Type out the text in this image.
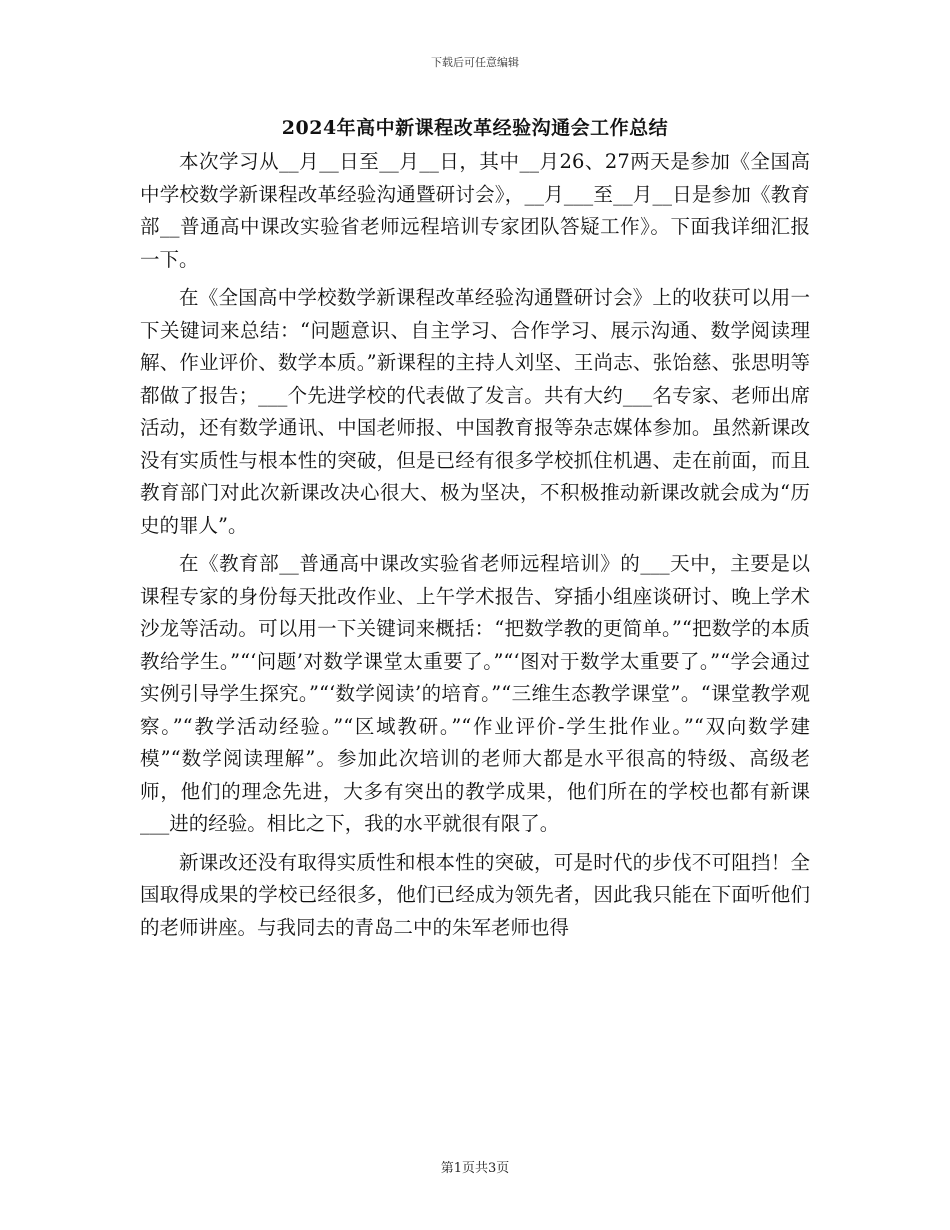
下载后可任意编辑
2024年高中新课程改革经验沟通会工作总结

本次学习从__月__日至__月__日，其中__月26、27两天是参加《全国高中学校数学新课程改革经验沟通暨研讨会》，__月___至__月__日是参加《教育部__普通高中课改实验省老师远程培训专家团队答疑工作》。下面我详细汇报一下。

在《全国高中学校数学新课程改革经验沟通暨研讨会》上的收获可以用一下关键词来总结：“问题意识、自主学习、合作学习、展示沟通、数学阅读理解、作业评价、数学本质。”新课程的主持人刘坚、王尚志、张饴慈、张思明等都做了报告；___个先进学校的代表做了发言。共有大约___名专家、老师出席活动，还有数学通讯、中国老师报、中国教育报等杂志媒体参加。虽然新课改没有实质性与根本性的突破，但是已经有很多学校抓住机遇、走在前面，而且教育部门对此次新课改决心很大、极为坚决，不积极推动新课改就会成为“历史的罪人”。

在《教育部__普通高中课改实验省老师远程培训》的___天中，主要是以课程专家的身份每天批改作业、上午学术报告、穿插小组座谈研讨、晚上学术沙龙等活动。可以用一下关键词来概括：“把数学教的更简单。”“把数学的本质教给学生。”“‘问题’对数学课堂太重要了。”“‘图对于数学太重要了。”“学会通过实例引导学生探究。”“‘数学阅读’的培育。”“三维生态教学课堂”。“课堂教学观察。”“教学活动经验。”“区域教研。”“作业评价-学生批作业。”“双向数学建模”“数学阅读理解”。参加此次培训的老师大都是水平很高的特级、高级老师，他们的理念先进，大多有突出的教学成果，他们所在的学校也都有新课___进的经验。相比之下，我的水平就很有限了。

新课改还没有取得实质性和根本性的突破，可是时代的步伐不可阻挡！全国取得成果的学校已经很多，他们已经成为领先者，因此我只能在下面听他们的老师讲座。与我同去的青岛二中的朱军老师也得

第1页共3页
